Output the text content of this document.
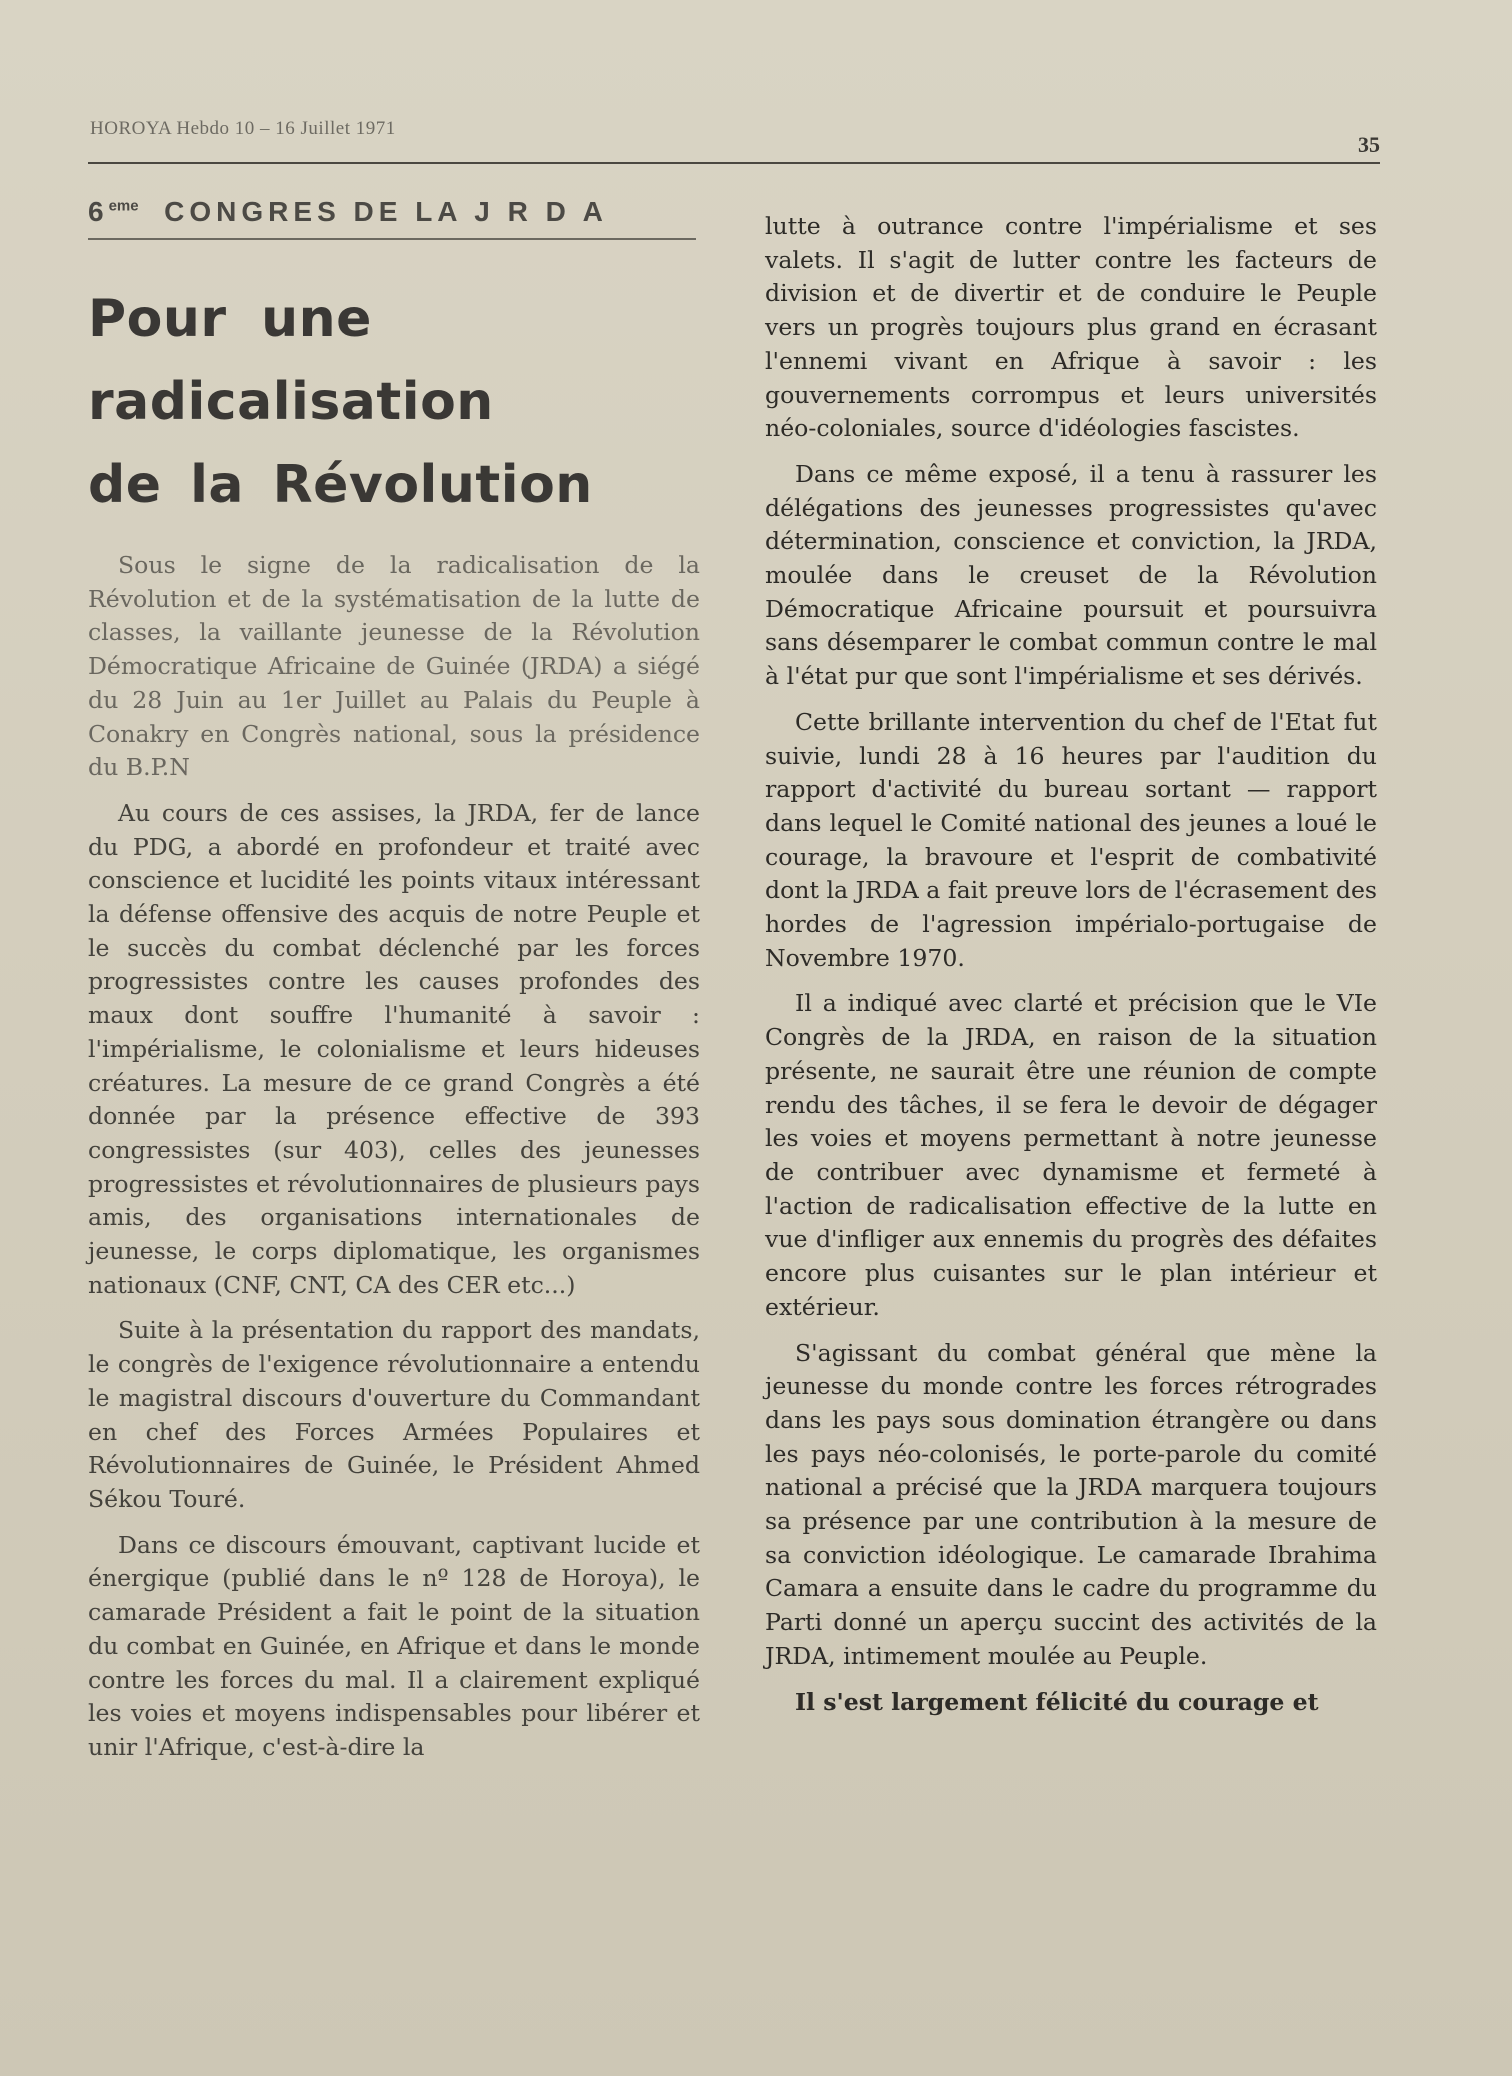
HOROYA Hebdo 10 – 16 Juillet 1971
35
6eme CONGRES DE LA J R D A
Pour une
radicalisation
de la Révolution

Sous le signe de la radicalisation de la Révolution et de la systématisation de la lutte de classes, la vaillante jeunesse de la Révolution Démocratique Africaine de Guinée (JRDA) a siégé du 28 Juin au 1er Juillet au Palais du Peuple à Conakry en Congrès national, sous la présidence du B.P.N

Au cours de ces assises, la JRDA, fer de lance du PDG, a abordé en profondeur et traité avec conscience et lucidité les points vitaux intéressant la défense offensive des acquis de notre Peuple et le succès du combat déclenché par les forces progressistes contre les causes profondes des maux dont souffre l'humanité à savoir : l'impérialisme, le colonialisme et leurs hideuses créatures. La mesure de ce grand Congrès a été donnée par la présence effective de 393 congressistes (sur 403), celles des jeunesses progressistes et révolutionnaires de plusieurs pays amis, des organisations internationales de jeunesse, le corps diplomatique, les organismes nationaux (CNF, CNT, CA des CER etc...)

Suite à la présentation du rapport des mandats, le congrès de l'exigence révolutionnaire a entendu le magistral discours d'ouverture du Commandant en chef des Forces Armées Populaires et Révolutionnaires de Guinée, le Président Ahmed Sékou Touré.

Dans ce discours émouvant, captivant lucide et énergique (publié dans le nº 128 de Horoya), le camarade Président a fait le point de la situation du combat en Guinée, en Afrique et dans le monde contre les forces du mal. Il a clairement expliqué les voies et moyens indispensables pour libérer et unir l'Afrique, c'est-à-dire la

lutte à outrance contre l'impérialisme et ses valets. Il s'agit de lutter contre les facteurs de division et de divertir et de conduire le Peuple vers un progrès toujours plus grand en écrasant l'ennemi vivant en Afrique à savoir : les gouvernements corrompus et leurs universités néo-coloniales, source d'idéologies fascistes.

Dans ce même exposé, il a tenu à rassurer les délégations des jeunesses progressistes qu'avec détermination, conscience et conviction, la JRDA, moulée dans le creuset de la Révolution Démocratique Africaine poursuit et poursuivra sans désemparer le combat commun contre le mal à l'état pur que sont l'impérialisme et ses dérivés.

Cette brillante intervention du chef de l'Etat fut suivie, lundi 28 à 16 heures par l'audition du rapport d'activité du bureau sortant — rapport dans lequel le Comité national des jeunes a loué le courage, la bravoure et l'esprit de combativité dont la JRDA a fait preuve lors de l'écrasement des hordes de l'agression impérialo-portugaise de Novembre 1970.

Il a indiqué avec clarté et précision que le VIe Congrès de la JRDA, en raison de la situation présente, ne saurait être une réunion de compte rendu des tâches, il se fera le devoir de dégager les voies et moyens permettant à notre jeunesse de contribuer avec dynamisme et fermeté à l'action de radicalisation effective de la lutte en vue d'infliger aux ennemis du progrès des défaites encore plus cuisantes sur le plan intérieur et extérieur.

S'agissant du combat général que mène la jeunesse du monde contre les forces rétrogrades dans les pays sous domination étrangère ou dans les pays néo-colonisés, le porte-parole du comité national a précisé que la JRDA marquera toujours sa présence par une contribution à la mesure de sa conviction idéologique. Le camarade Ibrahima Camara a ensuite dans le cadre du programme du Parti donné un aperçu succint des activités de la JRDA, intimement moulée au Peuple.

Il s'est largement félicité du courage et
